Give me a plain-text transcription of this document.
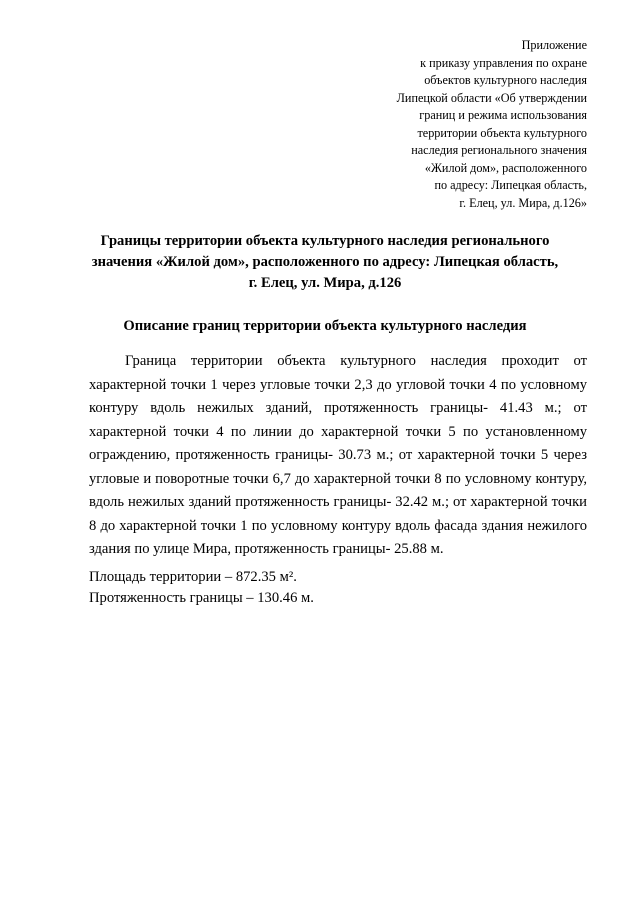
Приложение
к приказу управления по охране
объектов культурного наследия
Липецкой области «Об утверждении
границ и режима использования
территории объекта культурного
наследия регионального значения
«Жилой дом», расположенного
по адресу: Липецкая область,
г. Елец, ул. Мира, д.126»
Границы территории объекта культурного наследия регионального
значения «Жилой дом», расположенного по адресу: Липецкая область,
г. Елец, ул. Мира, д.126
Описание границ территории объекта культурного наследия

Граница территории объекта культурного наследия проходит от характерной точки 1 через угловые точки 2,3 до угловой точки 4 по условному контуру вдоль нежилых зданий, протяженность границы- 41.43 м.; от характерной точки 4 по линии до характерной точки 5 по установленному ограждению, протяженность границы- 30.73 м.; от характерной точки 5 через угловые и поворотные точки 6,7 до характерной точки 8 по условному контуру, вдоль нежилых зданий протяженность границы- 32.42 м.; от характерной точки 8 до характерной точки 1 по условному контуру вдоль фасада здания нежилого здания по улице Мира, протяженность границы- 25.88 м.

Площадь территории – 872.35 м².
Протяженность границы – 130.46 м.
